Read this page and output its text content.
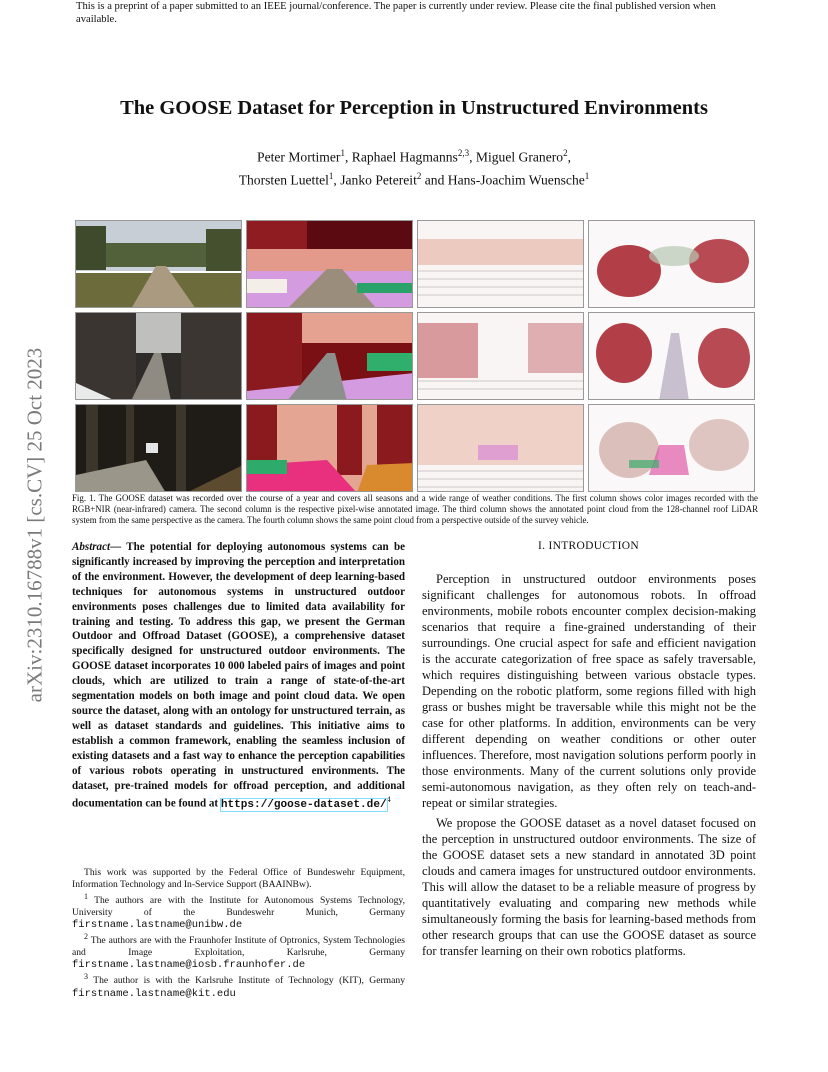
This is a preprint of a paper submitted to an IEEE journal/conference. The paper is currently under review. Please cite the final published version when available.
arXiv:2310.16788v1 [cs.CV] 25 Oct 2023
The GOOSE Dataset for Perception in Unstructured Environments
Peter Mortimer$^1$, Raphael Hagmanns$^{2,3}$, Miguel Granero$^2$,
Thorsten Luettel$^1$, Janko Petereit$^2$ and Hans-Joachim Wuensche$^1$
Fig. 1. The GOOSE dataset was recorded over the course of a year and covers all seasons and a wide range of weather conditions. The first column shows color images recorded with the RGB+NIR (near-infrared) camera. The second column is the respective pixel-wise annotated image. The third column shows the annotated point cloud from the 128-channel roof LiDAR system from the same perspective as the camera. The fourth column shows the same point cloud from a perspective outside of the survey vehicle.
Abstract— The potential for deploying autonomous systems can be significantly increased by improving the perception and interpretation of the environment. However, the development of deep learning-based techniques for autonomous systems in unstructured outdoor environments poses challenges due to limited data availability for training and testing. To address this gap, we present the German Outdoor and Offroad Dataset (GOOSE), a comprehensive dataset specifically designed for unstructured outdoor environments. The GOOSE dataset incorporates 10 000 labeled pairs of images and point clouds, which are utilized to train a range of state-of-the-art segmentation models on both image and point cloud data. We open source the dataset, along with an ontology for unstructured terrain, as well as dataset standards and guidelines. This initiative aims to establish a common framework, enabling the seamless inclusion of existing datasets and a fast way to enhance the perception capabilities of various robots operating in unstructured environments. The dataset, pre-trained models for offroad perception, and additional documentation can be found at https://goose-dataset.de/$^4$

This work was supported by the Federal Office of Bundeswehr Equipment, Information Technology and In-Service Support (BAAINBw).

$^1$ The authors are with the Institute for Autonomous Systems Technology, University of the Bundeswehr Munich, Germany firstname.lastname@unibw.de

$^2$ The authors are with the Fraunhofer Institute of Optronics, System Technologies and Image Exploitation, Karlsruhe, Germany firstname.lastname@iosb.fraunhofer.de

$^3$ The author is with the Karlsruhe Institute of Technology (KIT), Germany firstname.lastname@kit.edu

I. INTRODUCTION

Perception in unstructured outdoor environments poses significant challenges for autonomous robots. In offroad environments, mobile robots encounter complex decision-making scenarios that require a fine-grained understanding of their surroundings. One crucial aspect for safe and efficient navigation is the accurate categorization of free space as safely traversable, which requires distinguishing between various obstacle types. Depending on the robotic platform, some regions filled with high grass or bushes might be traversable while this might not be the case for other platforms. In addition, environments can be very different depending on weather conditions or other outer influences. Therefore, most navigation solutions perform poorly in those environments. Many of the current solutions only provide semi-autonomous navigation, as they often rely on teach-and-repeat or similar strategies.

We propose the GOOSE dataset as a novel dataset focused on the perception in unstructured outdoor environments. The size of the GOOSE dataset sets a new standard in annotated 3D point clouds and camera images for unstructured outdoor environments. This will allow the dataset to be a reliable measure of progress by quantitatively evaluating and comparing new methods while simultaneously forming the basis for learning-based methods from other research groups that can use the GOOSE dataset as source for transfer learning on their own robotics platforms.
